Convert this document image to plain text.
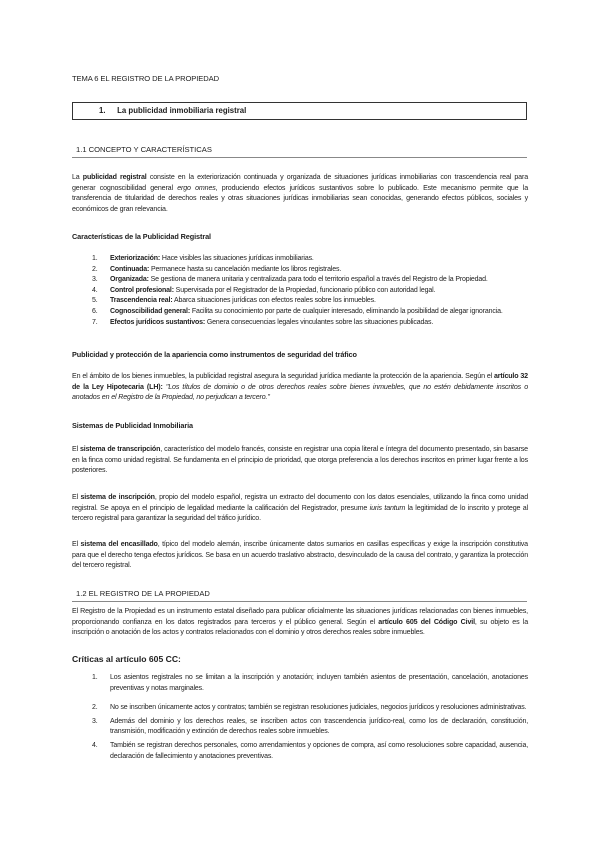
TEMA 6 EL REGISTRO DE LA PROPIEDAD
1. La publicidad inmobiliaria registral
1.1 CONCEPTO Y CARACTERÍSTICAS
La publicidad registral consiste en la exteriorización continuada y organizada de situaciones jurídicas inmobiliarias con trascendencia real para generar cognoscibilidad general ergo omnes, produciendo efectos jurídicos sustantivos sobre lo publicado. Este mecanismo permite que la transferencia de titularidad de derechos reales y otras situaciones jurídicas inmobiliarias sean conocidas, generando efectos públicos, sociales y económicos de gran relevancia.
Características de la Publicidad Registral
1.	Exteriorización: Hace visibles las situaciones jurídicas inmobiliarias.
2.	Continuada: Permanece hasta su cancelación mediante los libros registrales.
3.	Organizada: Se gestiona de manera unitaria y centralizada para todo el territorio español a través del Registro de la Propiedad.
4.	Control profesional: Supervisada por el Registrador de la Propiedad, funcionario público con autoridad legal.
5.	Trascendencia real: Abarca situaciones jurídicas con efectos reales sobre los inmuebles.
6.	Cognoscibilidad general: Facilita su conocimiento por parte de cualquier interesado, eliminando la posibilidad de alegar ignorancia.
7.	Efectos jurídicos sustantivos: Genera consecuencias legales vinculantes sobre las situaciones publicadas.
Publicidad y protección de la apariencia como instrumentos de seguridad del tráfico
En el ámbito de los bienes inmuebles, la publicidad registral asegura la seguridad jurídica mediante la protección de la apariencia. Según el artículo 32 de la Ley Hipotecaria (LH): "Los títulos de dominio o de otros derechos reales sobre bienes inmuebles, que no estén debidamente inscritos o anotados en el Registro de la Propiedad, no perjudican a tercero."
Sistemas de Publicidad Inmobiliaria
El sistema de transcripción, característico del modelo francés, consiste en registrar una copia literal e íntegra del documento presentado, sin basarse en la finca como unidad registral. Se fundamenta en el principio de prioridad, que otorga preferencia a los derechos inscritos en primer lugar frente a los posteriores.
El sistema de inscripción, propio del modelo español, registra un extracto del documento con los datos esenciales, utilizando la finca como unidad registral. Se apoya en el principio de legalidad mediante la calificación del Registrador, presume iuris tantum la legitimidad de lo inscrito y protege al tercero registral para garantizar la seguridad del tráfico jurídico.
El sistema del encasillado, típico del modelo alemán, inscribe únicamente datos sumarios en casillas específicas y exige la inscripción constitutiva para que el derecho tenga efectos jurídicos. Se basa en un acuerdo traslativo abstracto, desvinculado de la causa del contrato, y garantiza la protección del tercero registral.
1.2 EL REGISTRO DE LA PROPIEDAD
El Registro de la Propiedad es un instrumento estatal diseñado para publicar oficialmente las situaciones jurídicas relacionadas con bienes inmuebles, proporcionando confianza en los datos registrados para terceros y el público general. Según el artículo 605 del Código Civil, su objeto es la inscripción o anotación de los actos y contratos relacionados con el dominio y otros derechos reales sobre inmuebles.
Críticas al artículo 605 CC:
1.	Los asientos registrales no se limitan a la inscripción y anotación; incluyen también asientos de presentación, cancelación, anotaciones preventivas y notas marginales.
2.	No se inscriben únicamente actos y contratos; también se registran resoluciones judiciales, negocios jurídicos y resoluciones administrativas.
3.	Además del dominio y los derechos reales, se inscriben actos con trascendencia jurídico-real, como los de declaración, constitución, transmisión, modificación y extinción de derechos reales sobre inmuebles.
4.	También se registran derechos personales, como arrendamientos y opciones de compra, así como resoluciones sobre capacidad, ausencia, declaración de fallecimiento y anotaciones preventivas.
